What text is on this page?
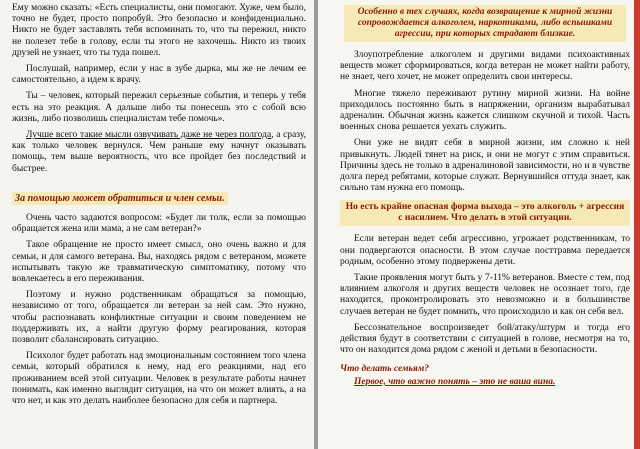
Ему можно сказать: «Есть специалисты, они помогают. Хуже, чем было, точно не будет, просто попробуй. Это безопасно и конфиденциально. Никто не будет заставлять тебя вспоминать то, что ты пережил, никто не полезет тебе в голову, если ты этого не захочешь. Никто из твоих друзей не узнает, что ты туда пошел.

Послушай, например, если у нас в зубе дырка, мы же не лечим ее самостоятельно, а идем к врачу.

Ты – человек, который пережил серьезные события, и теперь у тебя есть на это реакция. А дальше либо ты понесешь это с собой всю жизнь, либо позволишь специалистам тебе помочь».

Лучше всего такие мысли озвучивать даже не через полгода, а сразу, как только человек вернулся. Чем раньше ему начнут оказывать помощь, тем выше вероятность, что все пройдет без последствий и быстрее.

За помощью может обратиться и член семьи.

Очень часто задаются вопросом: «Будет ли толк, если за помощью обращается жена или мама, а не сам ветеран?»

Такое обращение не просто имеет смысл, оно очень важно и для семьи, и для самого ветерана. Вы, находясь рядом с ветераном, можете испытывать такую же травматическую симптоматику, потому что вовлекаетесь в его переживания.

Поэтому и нужно родственникам обращаться за помощью, независимо от того, обращается ли ветеран за ней сам. Это нужно, чтобы распознавать конфликтные ситуации и своим поведением не поддерживать их, а найти другую форму реагирования, которая позволит сбалансировать ситуацию.

Психолог будет работать над эмоциональным состоянием того члена семьи, который обратился к нему, над его реакциями, над его проживанием всей этой ситуации. Человек в результате работы начнет понимать, как именно выглядит ситуация, на что он может влиять, а на что нет, и как это делать наиболее безопасно для себя и партнера.

Особенно в тех случаях, когда возвращение к мирной жизни сопровождается алкоголем, наркотиками, либо вспышками агрессии, при которых страдают близкие.

Злоупотребление алкоголем и другими видами психоактивных веществ может сформироваться, когда ветеран не может найти работу, не знает, чего хочет, не может определить свои интересы.

Многие тяжело переживают рутину мирной жизни. На войне приходилось постоянно быть в напряжении, организм вырабатывал адреналин. Обычная жизнь кажется слишком скучной и тихой. Часть военных снова решается уехать служить.

Они уже не видят себя в мирной жизни, им сложно к ней привыкнуть. Людей тянет на риск, и они не могут с этим справиться. Причины здесь не только в адреналиновой зависимости, но и в чувстве долга перед ребятами, которые служат. Вернувшийся оттуда знает, как сильно там нужна его помощь.

Но есть крайне опасная форма выхода – это алкоголь + агрессия с насилием. Что делать в этой ситуации.

Если ветеран ведет себя агрессивно, угрожает родственникам, то они подвергаются опасности. В этом случае посттравма передается родным, особенно этому подвержены дети.

Такие проявления могут быть у 7-11% ветеранов. Вместе с тем, под влиянием алкоголя и других веществ человек не осознает того, где находится, проконтролировать это невозможно и в большинстве случаев ветеран не будет помнить, что происходило и как он себя вел.

Бессознательное воспроизведет бой/атаку/штурм и тогда его действия будут в соответствии с ситуацией в голове, несмотря на то, что он находится дома рядом с женой и детьми в безопасности.

Что делать семьям?

Первое, что важно понять – это не ваша вина.
